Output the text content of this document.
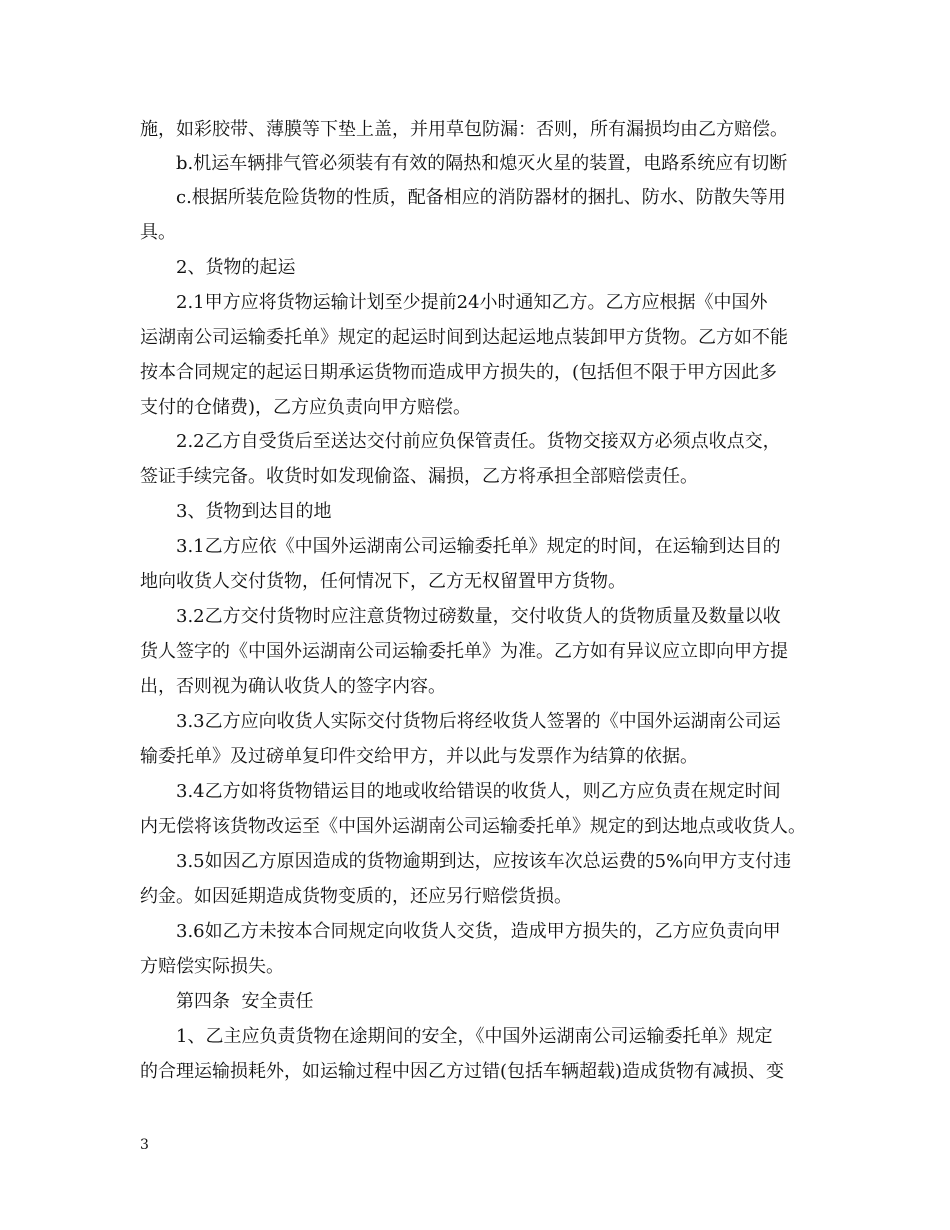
施，如彩胶带、薄膜等下垫上盖，并用草包防漏：否则，所有漏损均由乙方赔偿。
b.机运车辆排气管必须装有有效的隔热和熄灭火星的装置，电路系统应有切断
c.根据所装危险货物的性质，配备相应的消防器材的捆扎、防水、防散失等用
具。
2、货物的起运
2.1甲方应将货物运输计划至少提前24小时通知乙方。乙方应根据《中国外
运湖南公司运输委托单》规定的起运时间到达起运地点装卸甲方货物。乙方如不能
按本合同规定的起运日期承运货物而造成甲方损失的，(包括但不限于甲方因此多
支付的仓储费)，乙方应负责向甲方赔偿。
2.2乙方自受货后至送达交付前应负保管责任。货物交接双方必须点收点交，
签证手续完备。收货时如发现偷盗、漏损，乙方将承担全部赔偿责任。
3、货物到达目的地
3.1乙方应依《中国外运湖南公司运输委托单》规定的时间，在运输到达目的
地向收货人交付货物，任何情况下，乙方无权留置甲方货物。
3.2乙方交付货物时应注意货物过磅数量，交付收货人的货物质量及数量以收
货人签字的《中国外运湖南公司运输委托单》为准。乙方如有异议应立即向甲方提
出，否则视为确认收货人的签字内容。
3.3乙方应向收货人实际交付货物后将经收货人签署的《中国外运湖南公司运
输委托单》及过磅单复印件交给甲方，并以此与发票作为结算的依据。
3.4乙方如将货物错运目的地或收给错误的收货人，则乙方应负责在规定时间
内无偿将该货物改运至《中国外运湖南公司运输委托单》规定的到达地点或收货人。
3.5如因乙方原因造成的货物逾期到达，应按该车次总运费的5%向甲方支付违
约金。如因延期造成货物变质的，还应另行赔偿货损。
3.6如乙方未按本合同规定向收货人交货，造成甲方损失的，乙方应负责向甲
方赔偿实际损失。
第四条  安全责任
1、乙主应负责货物在途期间的安全，《中国外运湖南公司运输委托单》规定
的合理运输损耗外，如运输过程中因乙方过错(包括车辆超载)造成货物有减损、变
3
